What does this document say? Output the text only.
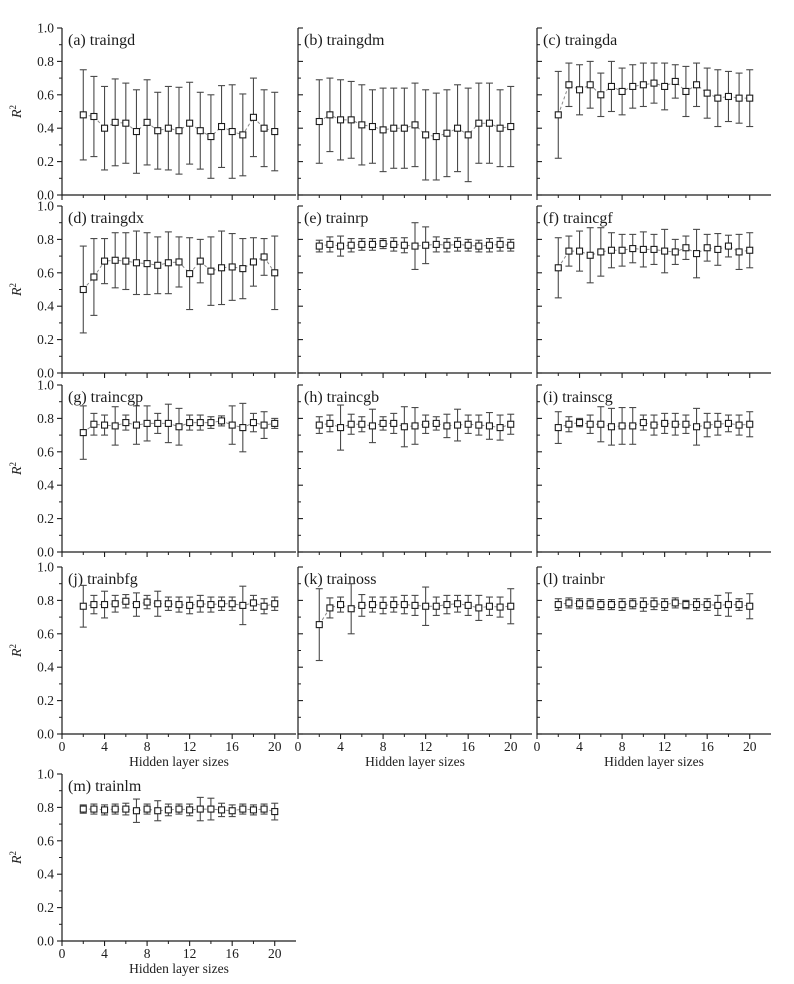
0.0
0.2
0.4
0.6
0.8
1.0
$R^2$
(a) traingd	(b) traingdm	(c) traingda
0.0
0.2
0.4
0.6
0.8
1.0
$R^2$
(d) traingdx	(e) trainrp	(f) traincgf
0.0
0.2
0.4
0.6
0.8
1.0
$R^2$
(g) traincgp	(h) traincgb	(i) trainscg
0.0
0.2
0.4
0.6
0.8
1.0
$R^2$
0	4	8 12 16 20
Hidden layer sizes
(j) trainbfg
0	4	8 12 16 20
Hidden layer sizes
(k) trainoss
0	4	8 12 16 20
Hidden layer sizes
(l) trainbr
0.0
0.2
0.4
0.6
0.8
1.0
$R^2$
0	4	8 12 16 20
Hidden layer sizes
(m) trainlm
